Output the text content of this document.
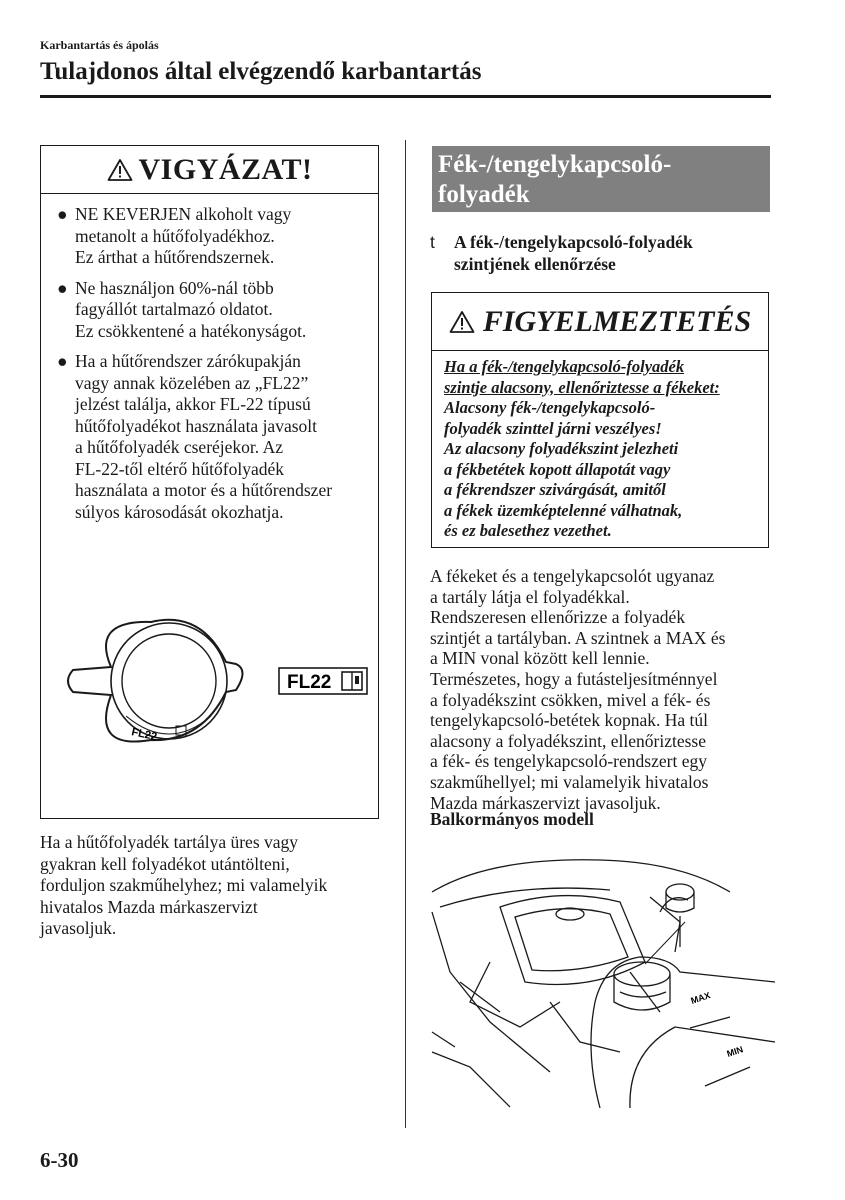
Karbantartás és ápolás
Tulajdonos által elvégzendő karbantartás
VIGYÁZAT!
● NE KEVERJEN alkoholt vagy
metanolt a hűtőfolyadékhoz.
Ez árthat a hűtőrendszernek.
● Ne használjon 60%-nál több
fagyállót tartalmazó oldatot.
Ez csökkentené a hatékonyságot.
● Ha a hűtőrendszer zárókupakján
vagy annak közelében az „FL22”
jelzést találja, akkor FL-22 típusú
hűtőfolyadékot használata javasolt
a hűtőfolyadék cseréjekor. Az
FL-22-től eltérő hűtőfolyadék
használata a motor és a hűtőrendszer
súlyos károsodását okozhatja.
FL22
FL22

Ha a hűtőfolyadék tartálya üres vagy
gyakran kell folyadékot utántölteni,
forduljon szakműhelyhez; mi valamelyik
hivatalos Mazda márkaszervizt
javasoljuk.

Fék-/tengelykapcsoló-
folyadék
t	A fék-/tengelykapcsoló-folyadék
szintjének ellenőrzése
FIGYELMEZTETÉS
Ha a fék-/tengelykapcsoló-folyadék
szintje alacsony, ellenőriztesse a fékeket:
Alacsony fék-/tengelykapcsoló-
folyadék szinttel járni veszélyes!
Az alacsony folyadékszint jelezheti
a fékbetétek kopott állapotát vagy
a fékrendszer szivárgását, amitől
a fékek üzemképtelenné válhatnak,
és ez balesethez vezethet.

A fékeket és a tengelykapcsolót ugyanaz
a tartály látja el folyadékkal.
Rendszeresen ellenőrizze a folyadék
szintjét a tartályban. A szintnek a MAX és
a MIN vonal között kell lennie.
Természetes, hogy a futásteljesítménnyel
a folyadékszint csökken, mivel a fék- és
tengelykapcsoló-betétek kopnak. Ha túl
alacsony a folyadékszint, ellenőriztesse
a fék- és tengelykapcsoló-rendszert egy
szakműhellyel; mi valamelyik hivatalos
Mazda márkaszervizt javasoljuk.

Balkormányos modell
MAX
MIN
6-30
